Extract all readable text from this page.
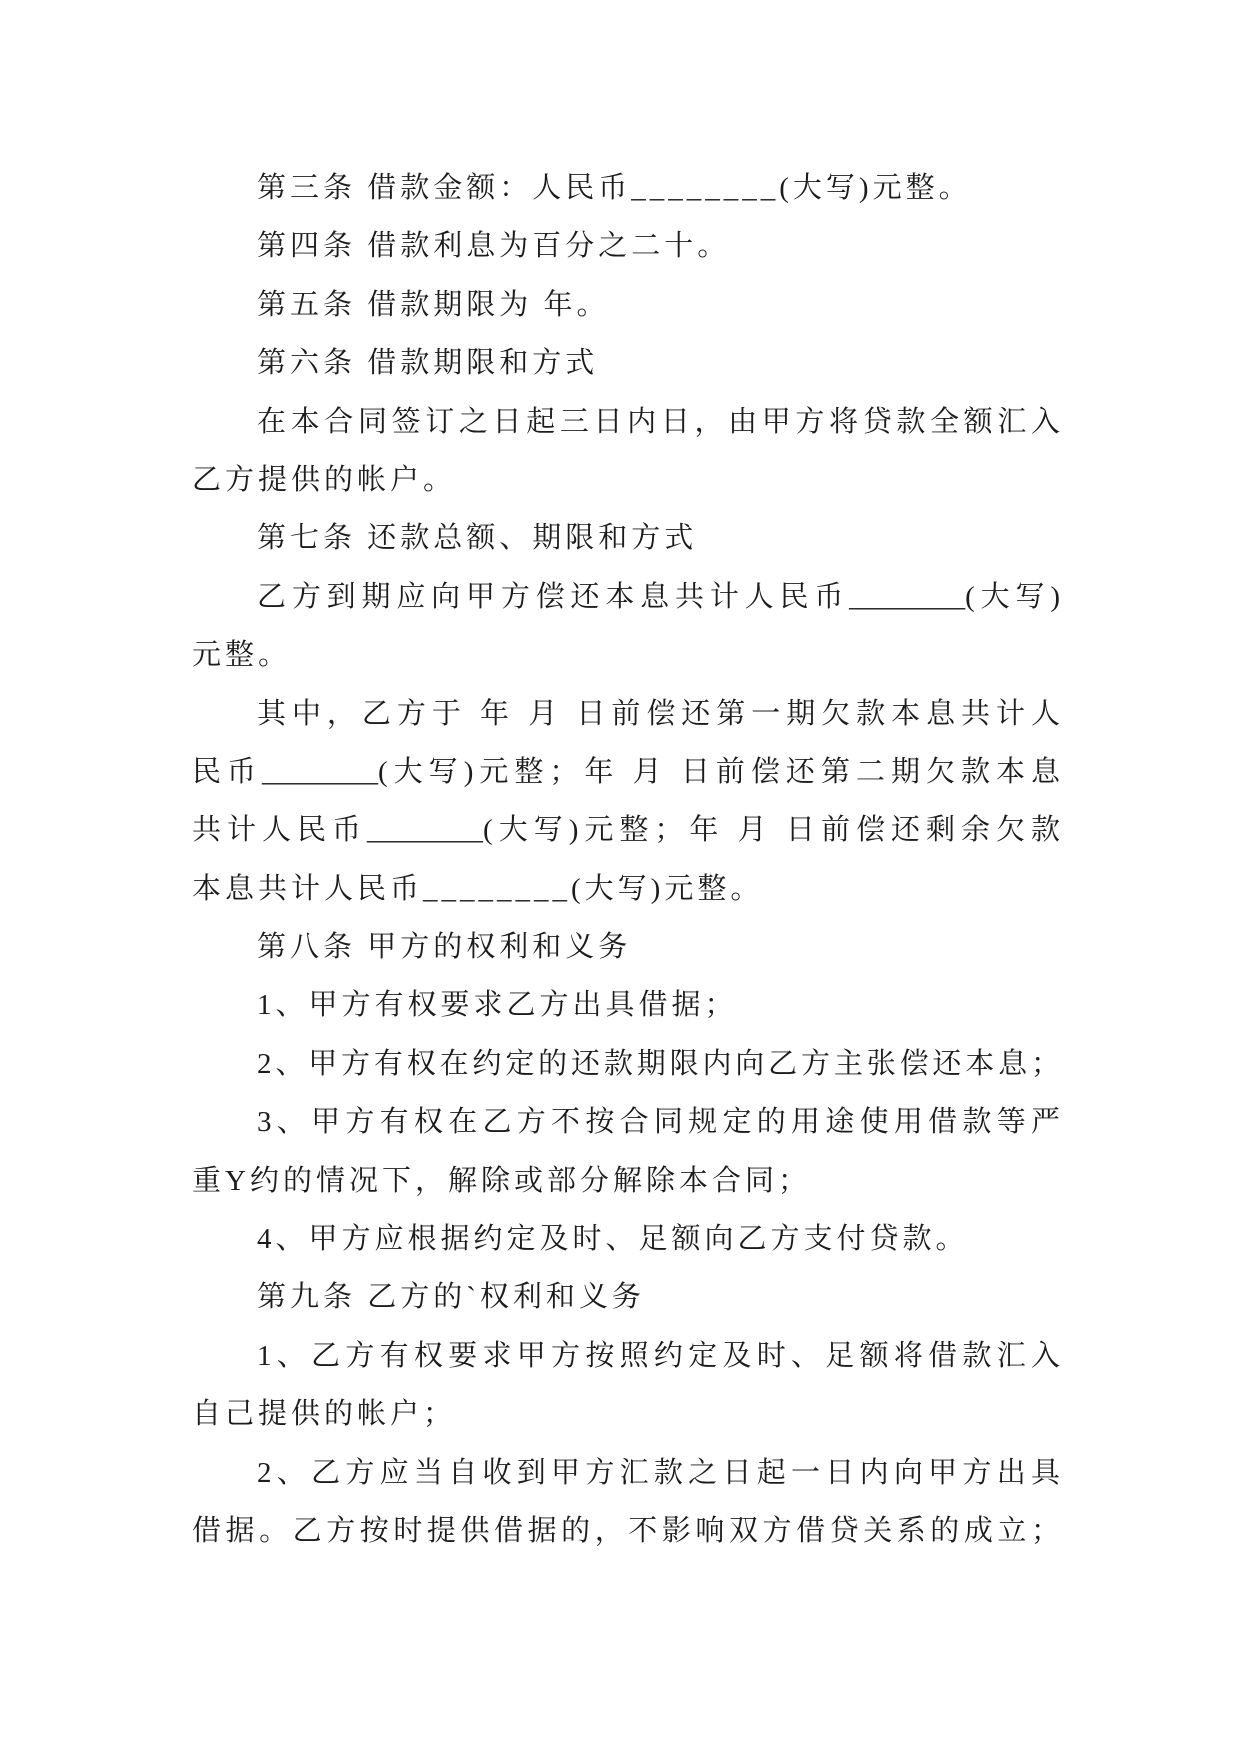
第三条 借款金额：人民币________(大写)元整。
第四条 借款利息为百分之二十。
第五条 借款期限为 年。
第六条 借款期限和方式
在本合同签订之日起三日内日，由甲方将贷款全额汇入
乙方提供的帐户。
第七条 还款总额、期限和方式
乙方到期应向甲方偿还本息共计人民币________(大写)
元整。
其中，乙方于 年 月 日前偿还第一期欠款本息共计人
民币________(大写)元整；年 月 日前偿还第二期欠款本息
共计人民币________(大写)元整；年 月 日前偿还剩余欠款
本息共计人民币________(大写)元整。
第八条 甲方的权利和义务
1、甲方有权要求乙方出具借据；
2、甲方有权在约定的还款期限内向乙方主张偿还本息；
3、甲方有权在乙方不按合同规定的用途使用借款等严
重Y约的情况下，解除或部分解除本合同；
4、甲方应根据约定及时、足额向乙方支付贷款。
第九条 乙方的`权利和义务
1、乙方有权要求甲方按照约定及时、足额将借款汇入
自己提供的帐户；
2、乙方应当自收到甲方汇款之日起一日内向甲方出具
借据。乙方按时提供借据的，不影响双方借贷关系的成立；
